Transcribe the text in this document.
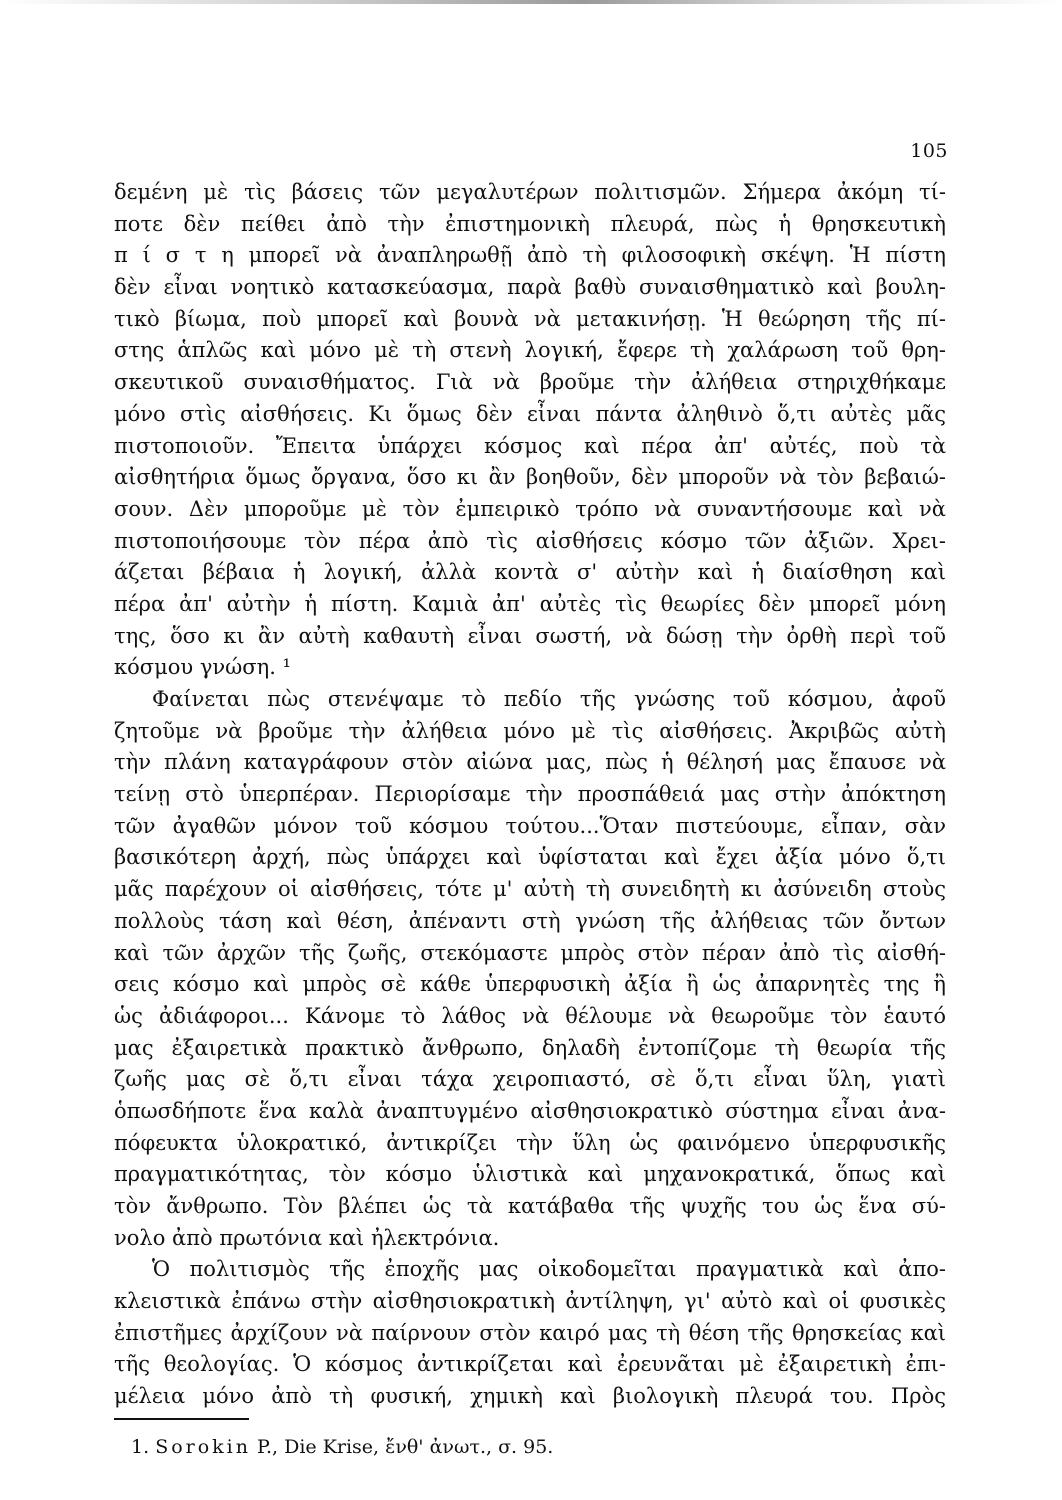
105
δεμένη μὲ τὶς βάσεις τῶν μεγαλυτέρων πολιτισμῶν. Σήμερα ἀκόμη τί-
ποτε δὲν πείθει ἀπὸ τὴν ἐπιστημονικὴ πλευρά, πὼς ἡ θρησκευτικὴ
π ί σ τ η μπορεῖ νὰ ἀναπληρωθῇ ἀπὸ τὴ φιλοσοφικὴ σκέψη. Ἡ πίστη
δὲν εἶναι νοητικὸ κατασκεύασμα, παρὰ βαθὺ συναισθηματικὸ καὶ βουλη-
τικὸ βίωμα, ποὺ μπορεῖ καὶ βουνὰ νὰ μετακινήσῃ. Ἡ θεώρηση τῆς πί-
στης ἁπλῶς καὶ μόνο μὲ τὴ στενὴ λογική, ἔφερε τὴ χαλάρωση τοῦ θρη-
σκευτικοῦ συναισθήματος. Γιὰ νὰ βροῦμε τὴν ἀλήθεια στηριχθήκαμε
μόνο στὶς αἰσθήσεις. Κι ὅμως δὲν εἶναι πάντα ἀληθινὸ ὅ,τι αὐτὲς μᾶς
πιστοποιοῦν. Ἔπειτα ὑπάρχει κόσμος καὶ πέρα ἀπ' αὐτές, ποὺ τὰ
αἰσθητήρια ὅμως ὄργανα, ὅσο κι ἂν βοηθοῦν, δὲν μποροῦν νὰ τὸν βεβαιώ-
σουν. Δὲν μποροῦμε μὲ τὸν ἐμπειρικὸ τρόπο νὰ συναντήσουμε καὶ νὰ
πιστοποιήσουμε τὸν πέρα ἀπὸ τὶς αἰσθήσεις κόσμο τῶν ἀξιῶν. Χρει-
άζεται βέβαια ἡ λογική, ἀλλὰ κοντὰ σ' αὐτὴν καὶ ἡ διαίσθηση καὶ
πέρα ἀπ' αὐτὴν ἡ πίστη. Καμιὰ ἀπ' αὐτὲς τὶς θεωρίες δὲν μπορεῖ μόνη
της, ὅσο κι ἂν αὐτὴ καθαυτὴ εἶναι σωστή, νὰ δώσῃ τὴν ὀρθὴ περὶ τοῦ
κόσμου γνώση. ¹
Φαίνεται πὼς στενέψαμε τὸ πεδίο τῆς γνώσης τοῦ κόσμου, ἀφοῦ
ζητοῦμε νὰ βροῦμε τὴν ἀλήθεια μόνο μὲ τὶς αἰσθήσεις. Ἀκριβῶς αὐτὴ
τὴν πλάνη καταγράφουν στὸν αἰώνα μας, πὼς ἡ θέλησή μας ἔπαυσε νὰ
τείνῃ στὸ ὑπερπέραν. Περιορίσαμε τὴν προσπάθειά μας στὴν ἀπόκτηση
τῶν ἀγαθῶν μόνον τοῦ κόσμου τούτου...Ὅταν πιστεύουμε, εἶπαν, σὰν
βασικότερη ἀρχή, πὼς ὑπάρχει καὶ ὑφίσταται καὶ ἔχει ἀξία μόνο ὅ,τι
μᾶς παρέχουν οἱ αἰσθήσεις, τότε μ' αὐτὴ τὴ συνειδητὴ κι ἀσύνειδη στοὺς
πολλοὺς τάση καὶ θέση, ἀπέναντι στὴ γνώση τῆς ἀλήθειας τῶν ὄντων
καὶ τῶν ἀρχῶν τῆς ζωῆς, στεκόμαστε μπρὸς στὸν πέραν ἀπὸ τὶς αἰσθή-
σεις κόσμο καὶ μπρὸς σὲ κάθε ὑπερφυσικὴ ἀξία ἢ ὡς ἀπαρνητὲς της ἢ
ὡς ἀδιάφοροι... Κάνομε τὸ λάθος νὰ θέλουμε νὰ θεωροῦμε τὸν ἑαυτό
μας ἐξαιρετικὰ πρακτικὸ ἄνθρωπο, δηλαδὴ ἐντοπίζομε τὴ θεωρία τῆς
ζωῆς μας σὲ ὅ,τι εἶναι τάχα χειροπιαστό, σὲ ὅ,τι εἶναι ὕλη, γιατὶ
ὁπωσδήποτε ἕνα καλὰ ἀναπτυγμένο αἰσθησιοκρατικὸ σύστημα εἶναι ἀνα-
πόφευκτα ὑλοκρατικό, ἀντικρίζει τὴν ὕλη ὡς φαινόμενο ὑπερφυσικῆς
πραγματικότητας, τὸν κόσμο ὑλιστικὰ καὶ μηχανοκρατικά, ὅπως καὶ
τὸν ἄνθρωπο. Τὸν βλέπει ὡς τὰ κατάβαθα τῆς ψυχῆς του ὡς ἕνα σύ-
νολο ἀπὸ πρωτόνια καὶ ἠλεκτρόνια.
Ὁ πολιτισμὸς τῆς ἐποχῆς μας οἰκοδομεῖται πραγματικὰ καὶ ἀπο-
κλειστικὰ ἐπάνω στὴν αἰσθησιοκρατικὴ ἀντίληψη, γι' αὐτὸ καὶ οἱ φυσικὲς
ἐπιστῆμες ἀρχίζουν νὰ παίρνουν στὸν καιρό μας τὴ θέση τῆς θρησκείας καὶ
τῆς θεολογίας. Ὁ κόσμος ἀντικρίζεται καὶ ἐρευνᾶται μὲ ἐξαιρετικὴ ἐπι-
μέλεια μόνο ἀπὸ τὴ φυσική, χημικὴ καὶ βιολογικὴ πλευρά του. Πρὸς
1. Sorokin P., Die Krise, ἔνθ' ἀνωτ., σ. 95.
